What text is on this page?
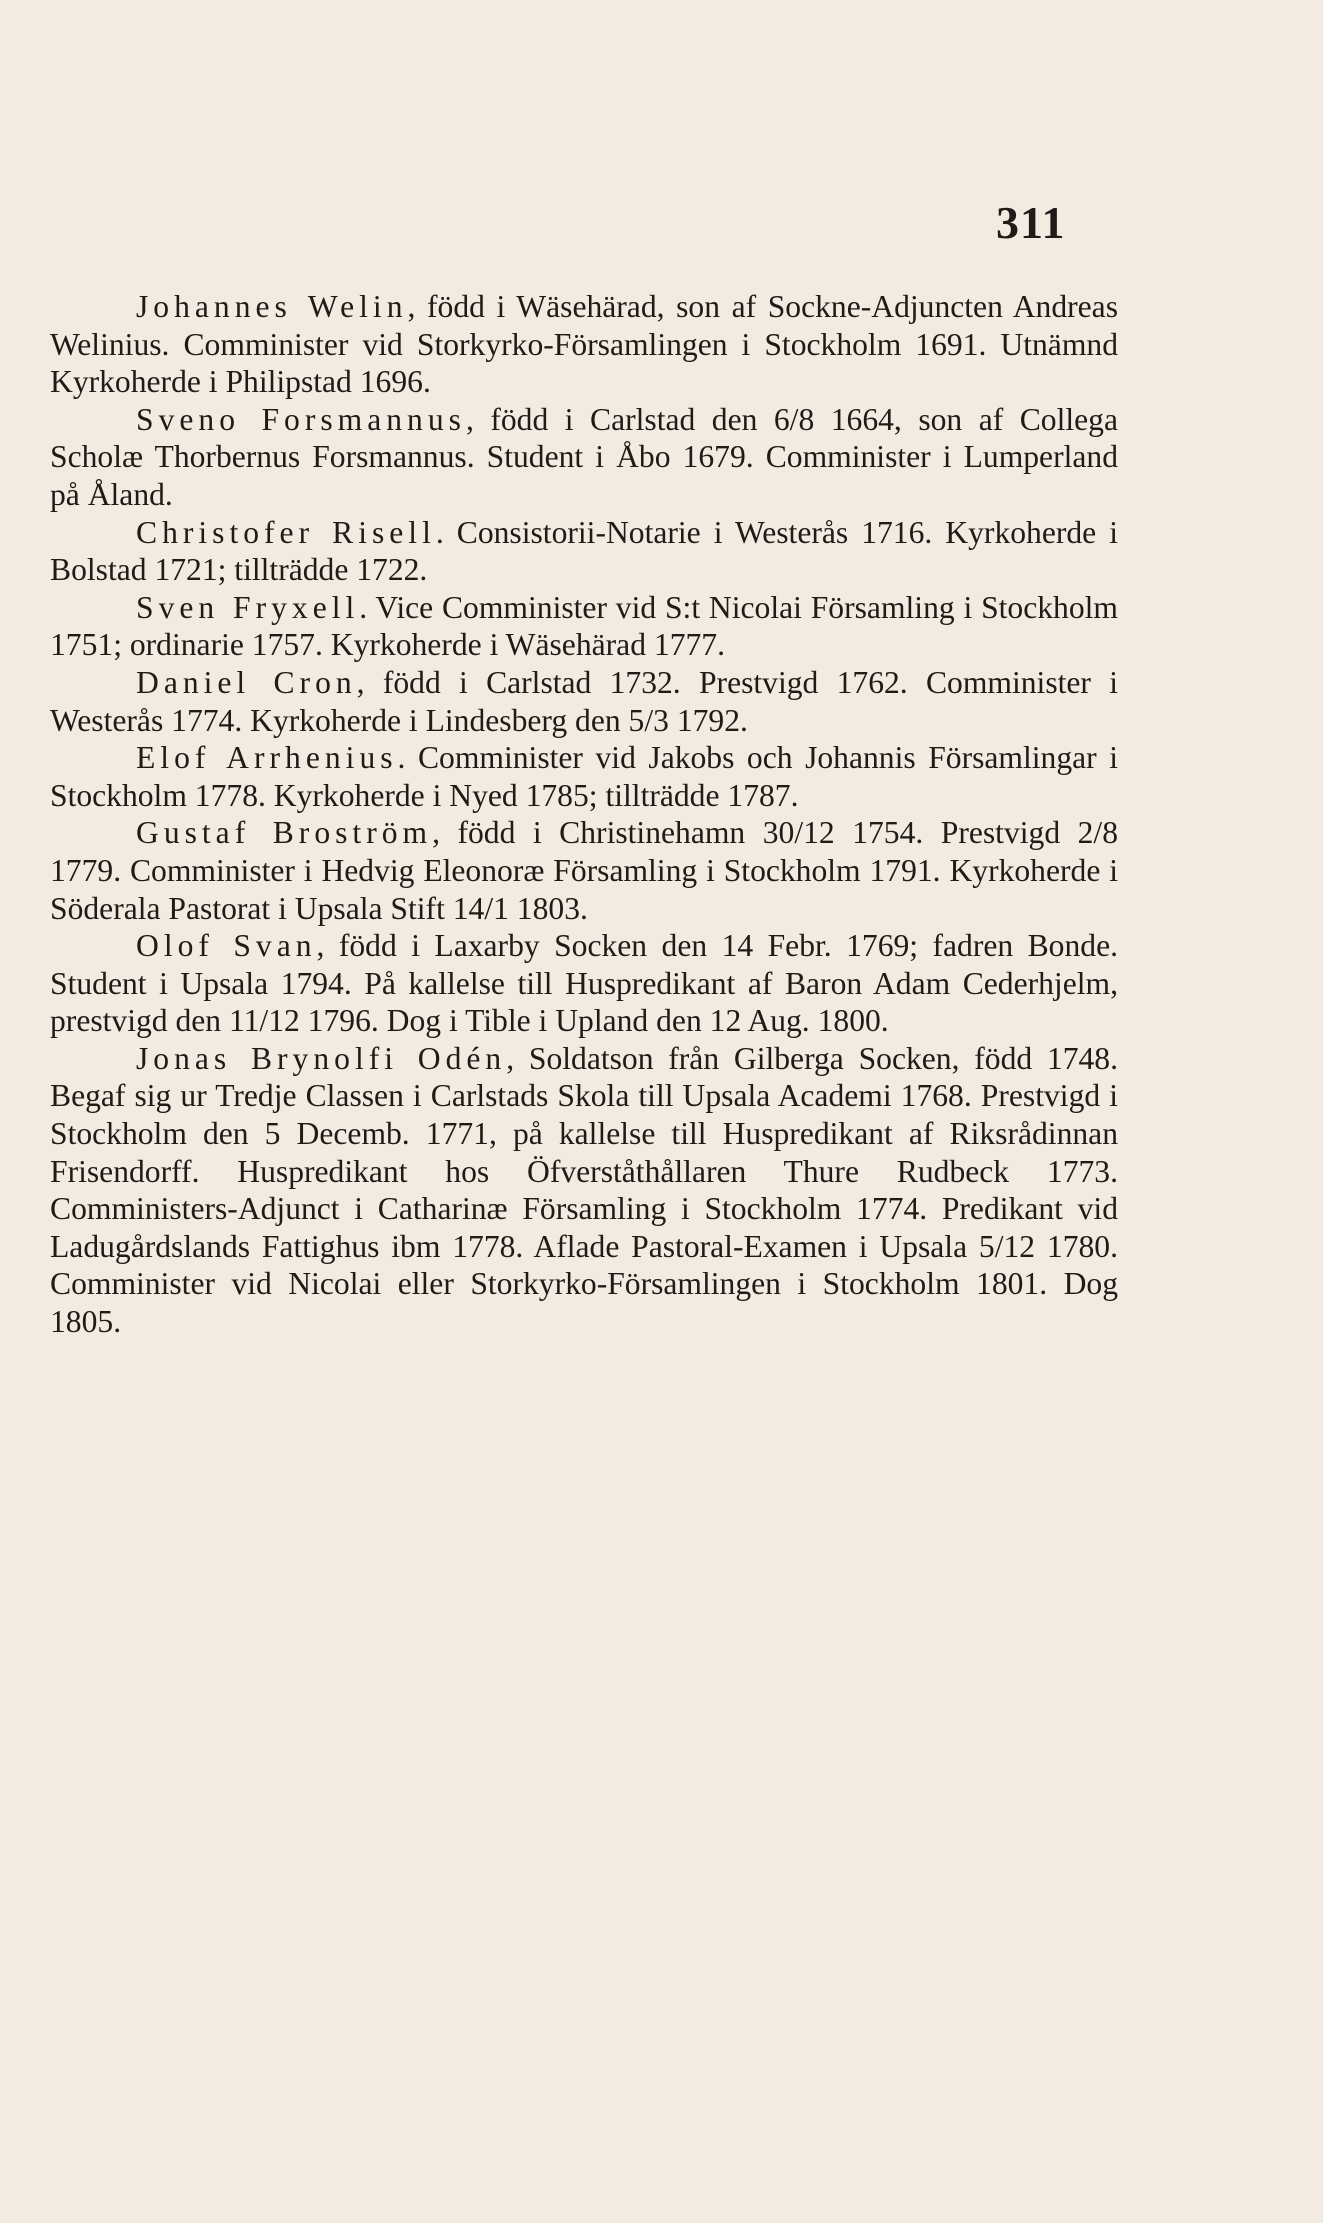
311

Johannes Welin, född i Wäsehärad, son af Sockne-Adjuncten Andreas Welinius. Comminister vid Storkyrko-Församlingen i Stockholm 1691. Utnämnd Kyrkoherde i Philipstad 1696.

Sveno Forsmannus, född i Carlstad den 6/8 1664, son af Collega Scholæ Thorbernus Forsmannus. Student i Åbo 1679. Comminister i Lumperland på Åland.

Christofer Risell. Consistorii-Notarie i Westerås 1716. Kyrkoherde i Bolstad 1721; tillträdde 1722.

Sven Fryxell. Vice Comminister vid S:t Nicolai Församling i Stockholm 1751; ordinarie 1757. Kyrkoherde i Wäsehärad 1777.

Daniel Cron, född i Carlstad 1732. Prestvigd 1762. Comminister i Westerås 1774. Kyrkoherde i Lindesberg den 5/3 1792.

Elof Arrhenius. Comminister vid Jakobs och Johannis Församlingar i Stockholm 1778. Kyrkoherde i Nyed 1785; tillträdde 1787.

Gustaf Broström, född i Christinehamn 30/12 1754. Prestvigd 2/8 1779. Comminister i Hedvig Eleonoræ Församling i Stockholm 1791. Kyrkoherde i Söderala Pastorat i Upsala Stift 14/1 1803.

Olof Svan, född i Laxarby Socken den 14 Febr. 1769; fadren Bonde. Student i Upsala 1794. På kallelse till Huspredikant af Baron Adam Cederhjelm, prestvigd den 11/12 1796. Dog i Tible i Upland den 12 Aug. 1800.

Jonas Brynolfi Odén, Soldatson från Gilberga Socken, född 1748. Begaf sig ur Tredje Classen i Carlstads Skola till Upsala Academi 1768. Prestvigd i Stockholm den 5 Decemb. 1771, på kallelse till Huspredikant af Riksrådinnan Frisendorff. Huspredikant hos Öfverståthållaren Thure Rudbeck 1773. Comministers-Adjunct i Catharinæ Församling i Stockholm 1774. Predikant vid Ladugårdslands Fattighus ibm 1778. Aflade Pastoral-Examen i Upsala 5/12 1780. Comminister vid Nicolai eller Storkyrko-Församlingen i Stockholm 1801. Dog 1805.
